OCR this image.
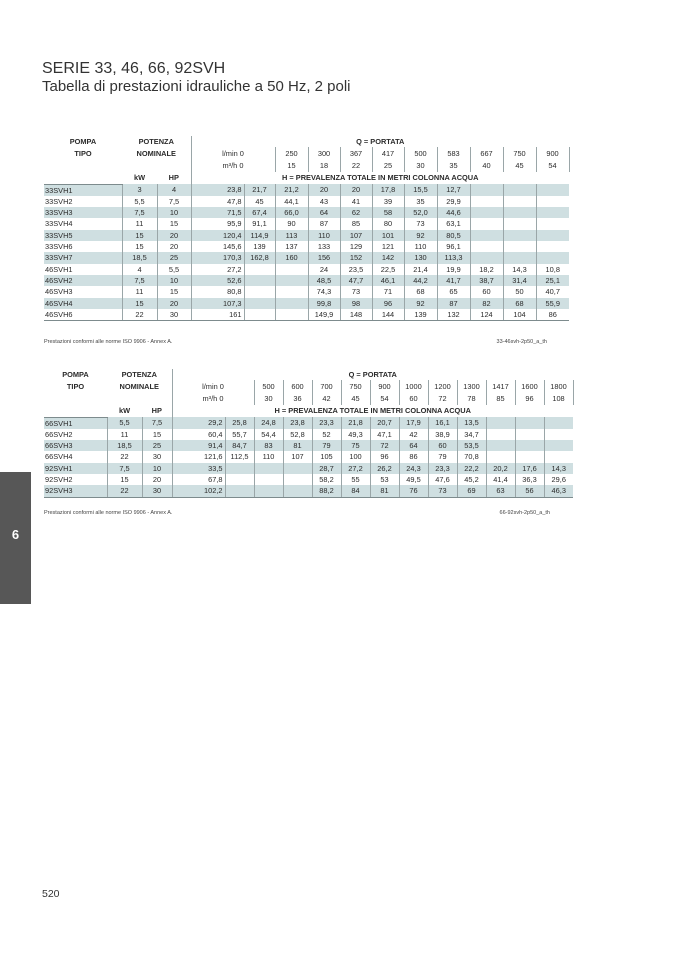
SERIE 33, 46, 66, 92SVH
Tabella di prestazioni idrauliche a 50 Hz, 2 poli
POMPA	POTENZA		Q = PORTATA											
TIPO	NOMINALE		l/min 0		250	300	367	417	500	583	667	750	900	
			m³/h 0		15	18	22	25	30	35	40	45	54	
	kW	HP	H = PREVALENZA TOTALE IN METRI COLONNA ACQUA											
33SVH1	3	4	23,8	21,7	21,2	20	20	17,8	15,5	12,7				
33SVH2	5,5	7,5	47,8	45	44,1	43	41	39	35	29,9				
33SVH3	7,5	10	71,5	67,4	66,0	64	62	58	52,0	44,6				
33SVH4	11	15	95,9	91,1	90	87	85	80	73	63,1				
33SVH5	15	20	120,4	114,9	113	110	107	101	92	80,5				
33SVH6	15	20	145,6	139	137	133	129	121	110	96,1				
33SVH7	18,5	25	170,3	162,8	160	156	152	142	130	113,3				
46SVH1	4	5,5	27,2			24	23,5	22,5	21,4	19,9	18,2	14,3	10,8	
46SVH2	7,5	10	52,6			48,5	47,7	46,1	44,2	41,7	38,7	31,4	25,1	
46SVH3	11	15	80,8			74,3	73	71	68	65	60	50	40,7	
46SVH4	15	20	107,3			99,8	98	96	92	87	82	68	55,9	
46SVH6	22	30	161			149,9	148	144	139	132	124	104	86	

Prestazioni conformi alle norme ISO 9906 - Annex A.	33-46svh-2p50_a_th

POMPA	POTENZA		Q = PORTATA													
TIPO	NOMINALE		l/min 0		500	600	700	750	900	1000	1200	1300	1417	1600	1800	
			m³/h 0		30	36	42	45	54	60	72	78	85	96	108	
	kW	HP	H = PREVALENZA TOTALE IN METRI COLONNA ACQUA													
66SVH1	5,5	7,5	29,2	25,8	24,8	23,8	23,3	21,8	20,7	17,9	16,1	13,5				
66SVH2	11	15	60,4	55,7	54,4	52,8	52	49,3	47,1	42	38,9	34,7				
66SVH3	18,5	25	91,4	84,7	83	81	79	75	72	64	60	53,5				
66SVH4	22	30	121,6	112,5	110	107	105	100	96	86	79	70,8				
92SVH1	7,5	10	33,5				28,7	27,2	26,2	24,3	23,3	22,2	20,2	17,6	14,3	
92SVH2	15	20	67,8				58,2	55	53	49,5	47,6	45,2	41,4	36,3	29,6	
92SVH3	22	30	102,2				88,2	84	81	76	73	69	63	56	46,3	

Prestazioni conformi alle norme ISO 9906 - Annex A.	66-92svh-2p50_a_th

6
520
